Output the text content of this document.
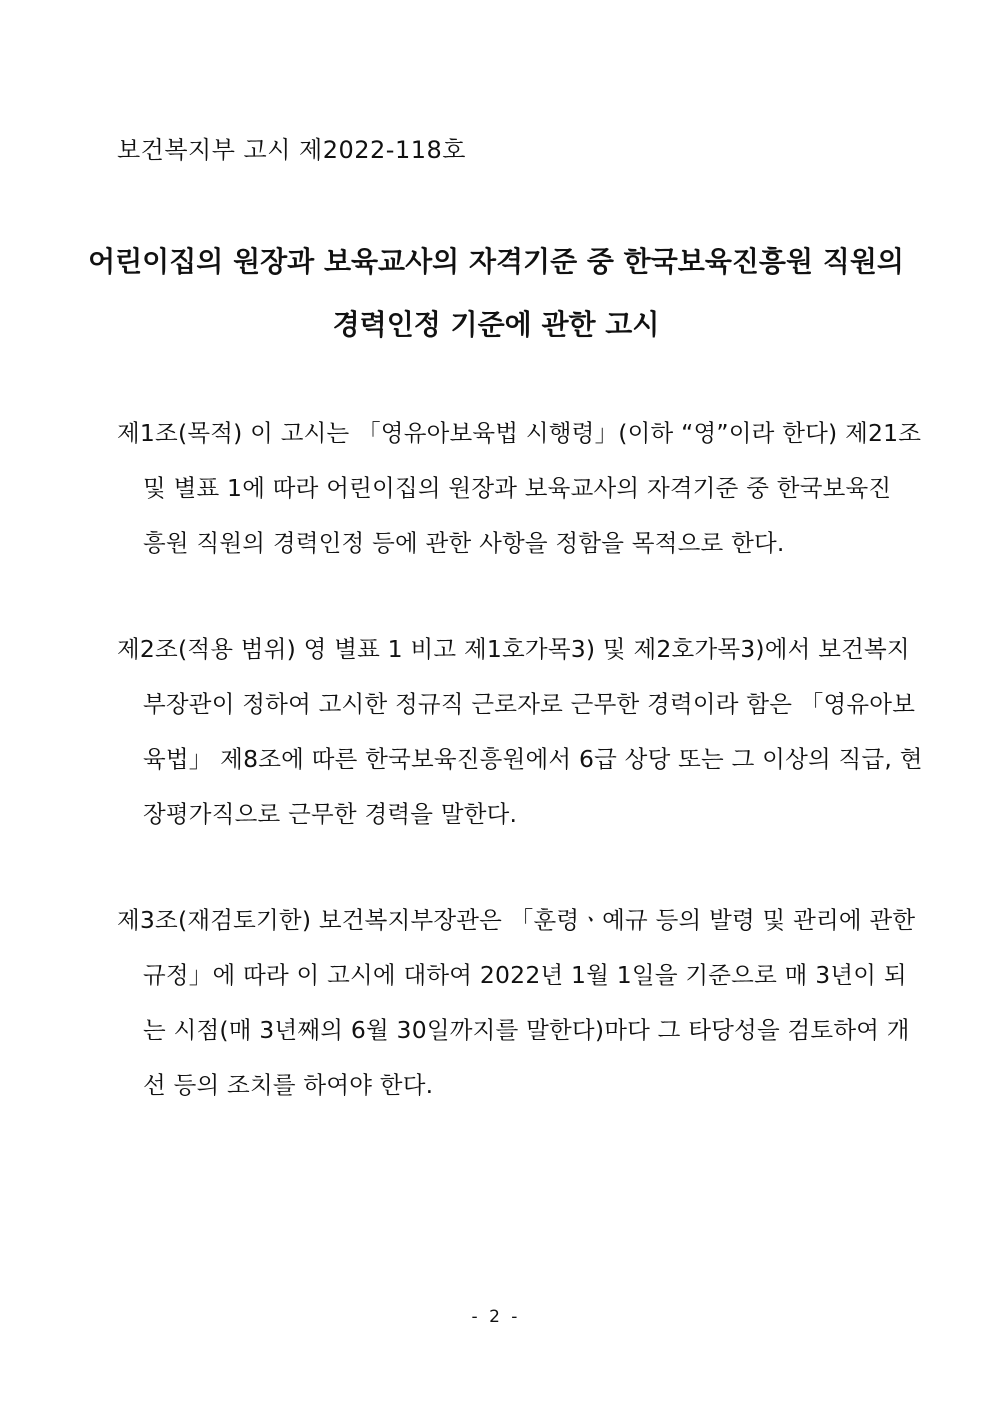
보건복지부 고시 제2022-118호
어린이집의 원장과 보육교사의 자격기준 중 한국보육진흥원 직원의
경력인정 기준에 관한 고시
제1조(목적) 이 고시는 「영유아보육법 시행령」(이하 “영”이라 한다) 제21조
및 별표 1에 따라 어린이집의 원장과 보육교사의 자격기준 중 한국보육진
흥원 직원의 경력인정 등에 관한 사항을 정함을 목적으로 한다.
제2조(적용 범위) 영 별표 1 비고 제1호가목3) 및 제2호가목3)에서 보건복지
부장관이 정하여 고시한 정규직 근로자로 근무한 경력이라 함은 「영유아보
육법」 제8조에 따른 한국보육진흥원에서 6급 상당 또는 그 이상의 직급, 현
장평가직으로 근무한 경력을 말한다.
제3조(재검토기한) 보건복지부장관은 「훈령ㆍ예규 등의 발령 및 관리에 관한
규정」에 따라 이 고시에 대하여 2022년 1월 1일을 기준으로 매 3년이 되
는 시점(매 3년째의 6월 30일까지를 말한다)마다 그 타당성을 검토하여 개
선 등의 조치를 하여야 한다.
- 2 -
